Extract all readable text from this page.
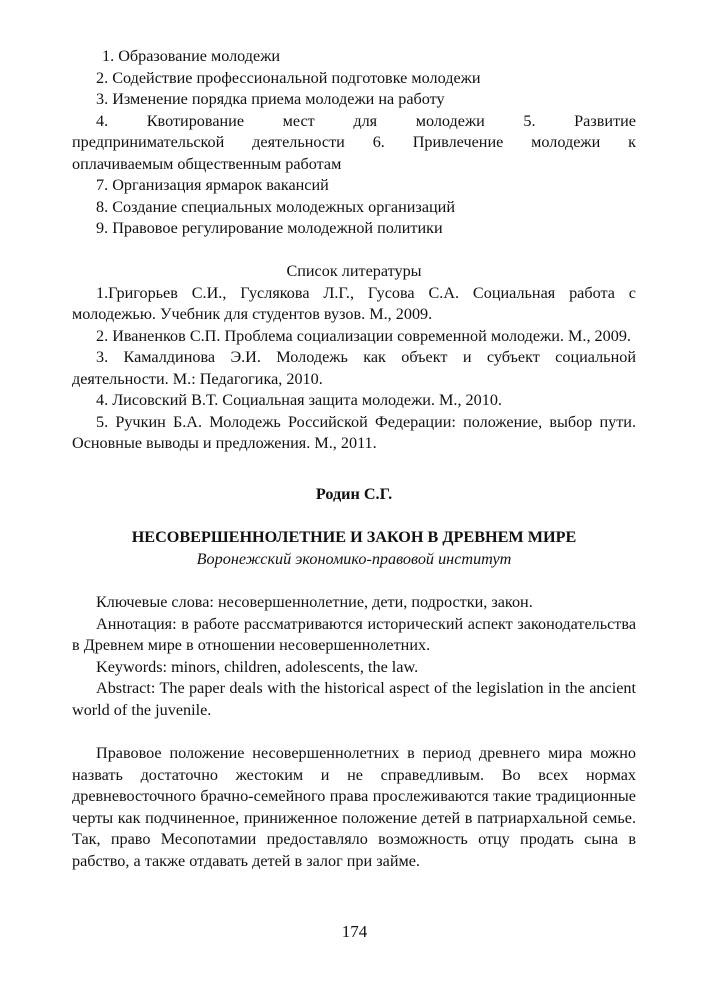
1. Образование молодежи

2. Содействие профессиональной подготовке молодежи

3. Изменение порядка приема молодежи на работу

4. Квотирование мест для молодежи 5. Развитие

предпринимательской деятельности 6. Привлечение молодежи к

оплачиваемым общественным работам

7. Организация ярмарок вакансий

8. Создание специальных молодежных организаций

9. Правовое регулирование молодежной политики

Список литературы

1.Григорьев С.И., Гуслякова Л.Г., Гусова С.А. Социальная работа с молодежью. Учебник для студентов вузов. М., 2009.

2. Иваненков С.П. Проблема социализации современной молодежи. М., 2009.

3. Камалдинова Э.И. Молодежь как объект и субъект социальной деятельности. М.: Педагогика, 2010.

4. Лисовский В.Т. Социальная защита молодежи. М., 2010.

5. Ручкин Б.А. Молодежь Российской Федерации: положение, выбор пути. Основные выводы и предложения. М., 2011.

Родин С.Г.

НЕСОВЕРШЕННОЛЕТНИЕ И ЗАКОН В ДРЕВНЕМ МИРЕ

Воронежский экономико-правовой институт

Ключевые слова: несовершеннолетние, дети, подростки, закон.

Аннотация: в работе рассматриваются исторический аспект законодательства в Древнем мире в отношении несовершеннолетних.

Keywords: minors, children, adolescents, the law.

Abstract: The paper deals with the historical aspect of the legislation in the ancient world of the juvenile.

Правовое положение несовершеннолетних в период древнего мира можно назвать достаточно жестоким и не справедливым. Во всех нормах древневосточного брачно-семейного права прослеживаются такие традиционные черты как подчиненное, приниженное положение детей в патриархальной семье. Так, право Месопотамии предоставляло возможность отцу продать сына в рабство, а также отдавать детей в залог при займе.

174
